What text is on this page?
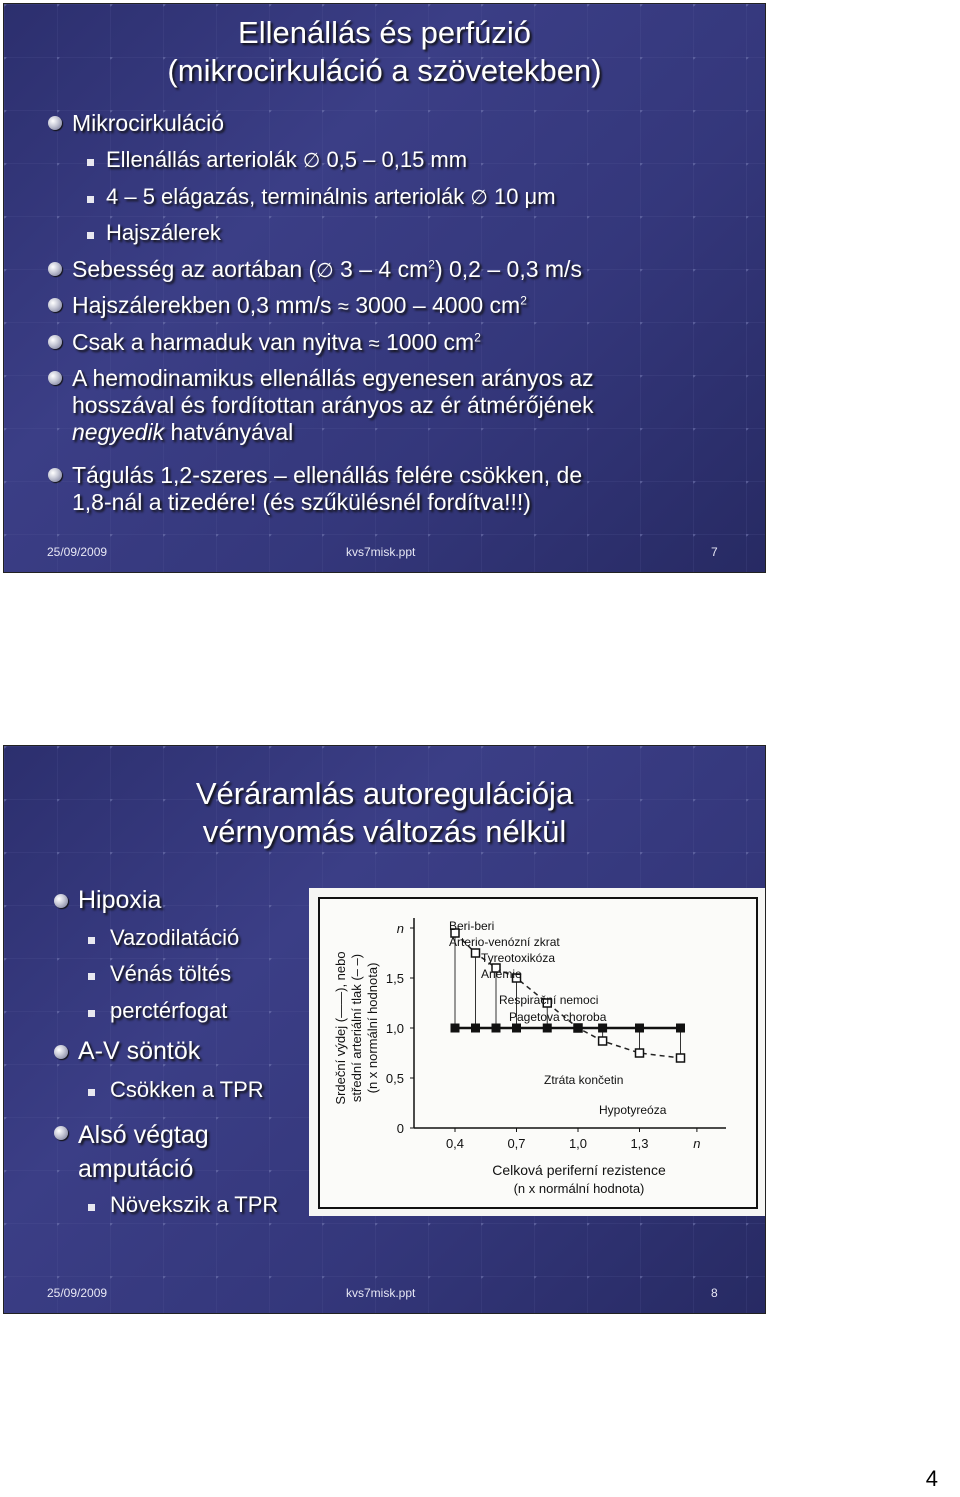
Ellenállás és perfúzió
(mikrocirkuláció a szövetekben)
Mikrocirkuláció
Ellenállás arteriolák ∅ 0,5 – 0,15 mm
4 – 5 elágazás, terminálnis arteriolák ∅ 10 μm
Hajszálerek
Sebesség az aortában (∅ 3 – 4 $cm^2$) 0,2 – 0,3 m/s
Hajszálerekben 0,3 mm/s ≈ 3000 – 4000 $cm^2$
Csak a harmaduk van nyitva ≈ 1000 $cm^2$
A hemodinamikus ellenállás egyenesen arányos az
hosszával és fordítottan arányos az ér átmérőjének
negyedik hatványával
Tágulás 1,2-szeres – ellenállás felére csökken, de
1,8-nál a tizedére! (és szűkülésnél fordítva!!!)
25/09/2009	kvs7misk.ppt	7
Véráramlás autoregulációja
vérnyomás változás nélkül
Hipoxia
Vazodilatáció
Vénás töltés
perctérfogat
A-V söntök
Csökken a TPR
Alsó végtag
amputáció
Növekszik a TPR
n
1,5
1,0
0,5
0
0,4	0,7	1,0	1,3	n
Beri-beri
Arterio-venózní zkrat
Tyreotoxikóza
Anémie
Respirační nemoci
Pagetova choroba
Ztráta končetin
Hypotyreóza
Srdeční výdej (——), nebo střední arteriální tlak (– –) (n x normální hodnota)
Celková periferní rezistence
(n x normální hodnota)
25/09/2009	kvs7misk.ppt	8
4
